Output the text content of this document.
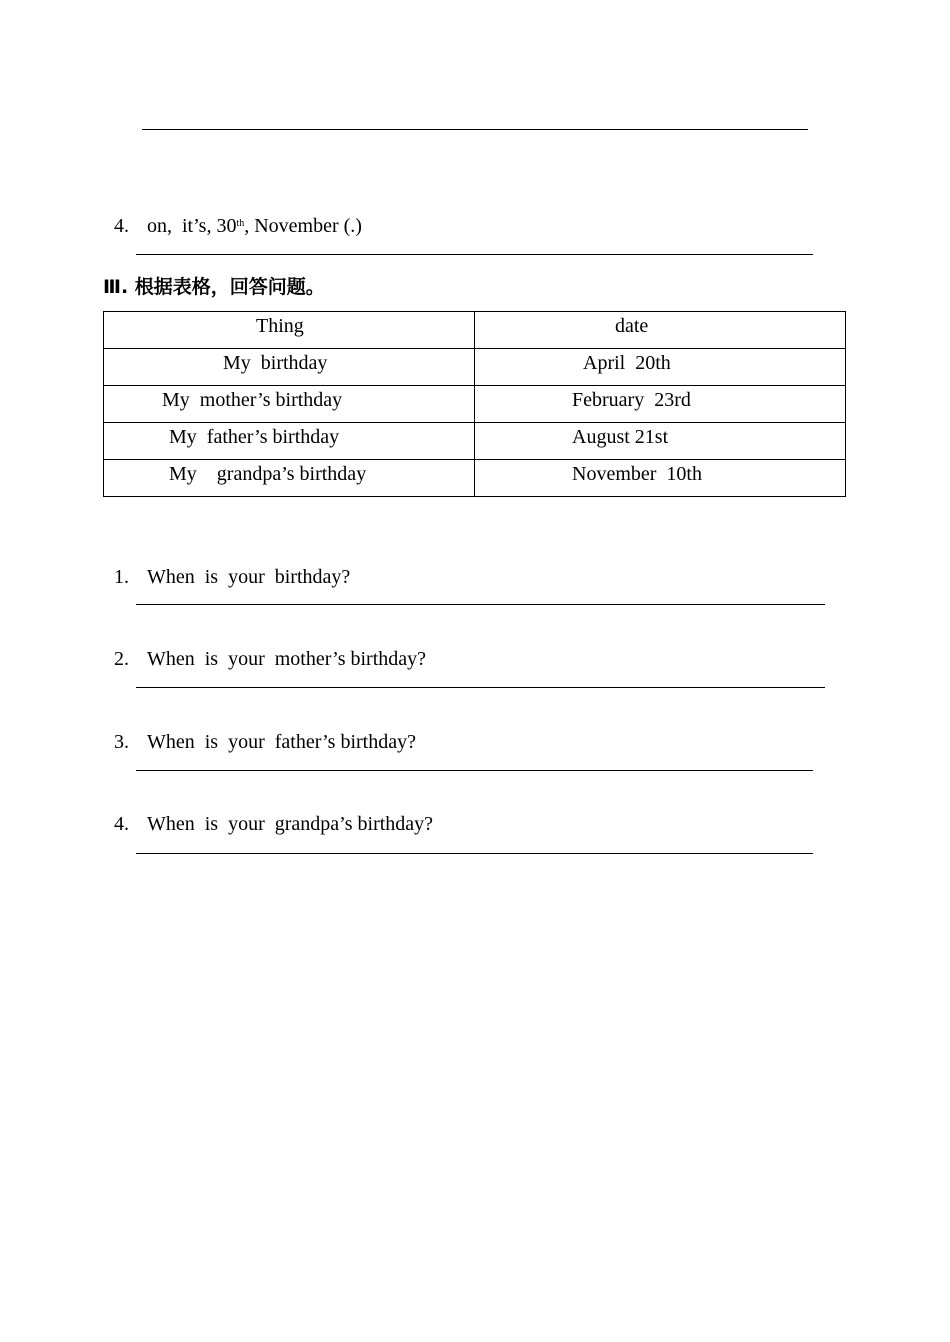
4. on,  it’s, 30th, November (.)

Ⅲ. 根据表格，回答问题。
Thing	date

My  birthday	April  20th

My  mother’s birthday	February  23rd

My  father’s birthday	August 21st

My    grandpa’s birthday	November  10th

1. When  is  your  birthday?

2. When  is  your  mother’s birthday?

3. When  is  your  father’s birthday?

4. When  is  your  grandpa’s birthday?
